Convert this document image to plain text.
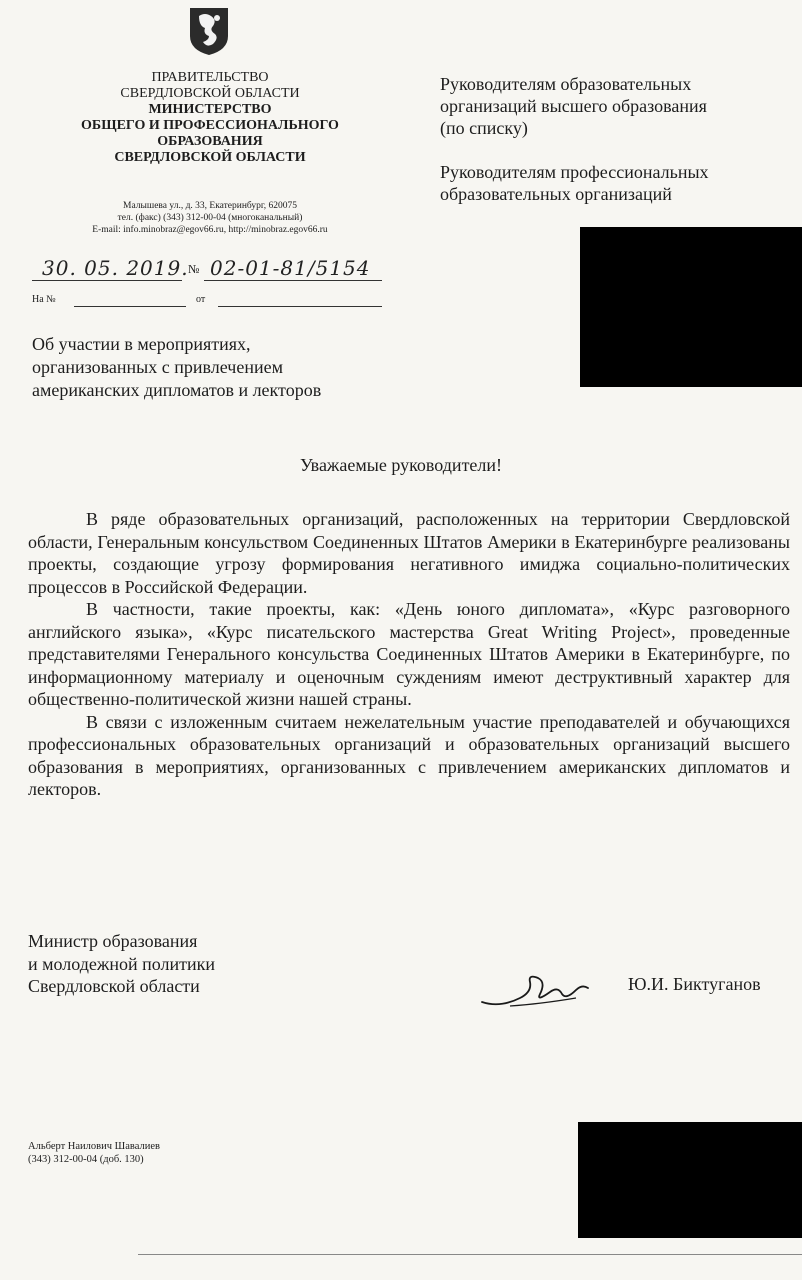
ПРАВИТЕЛЬСТВО
СВЕРДЛОВСКОЙ ОБЛАСТИ
МИНИСТЕРСТВО
ОБЩЕГО И ПРОФЕССИОНАЛЬНОГО
ОБРАЗОВАНИЯ
СВЕРДЛОВСКОЙ ОБЛАСТИ
Малышева ул., д. 33, Екатеринбург, 620075
тел. (факс) (343) 312-00-04 (многоканальный)
E-mail: info.minobraz@egov66.ru, http://minobraz.egov66.ru
30. 05. 2019. № 02-01-81/5154
На №	от
Об участии в мероприятиях,
организованных с привлечением
американских дипломатов и лекторов
Руководителям образовательных
организаций высшего образования
(по списку)
Руководителям профессиональных
образовательных организаций
Уважаемые руководители!

В ряде образовательных организаций, расположенных на территории Свердловской области, Генеральным консульством Соединенных Штатов Америки в Екатеринбурге реализованы проекты, создающие угрозу формирования негативного имиджа социально-политических процессов в Российской Федерации.

В частности, такие проекты, как: «День юного дипломата», «Курс разговорного английского языка», «Курс писательского мастерства Great Writing Project», проведенные представителями Генерального консульства Соединенных Штатов Америки в Екатеринбурге, по информационному материалу и оценочным суждениям имеют деструктивный характер для общественно-политической жизни нашей страны.

В связи с изложенным считаем нежелательным участие преподавателей и обучающихся профессиональных образовательных организаций и образовательных организаций высшего образования в мероприятиях, организованных с привлечением американских дипломатов и лекторов.

Министр образования
и молодежной политики
Свердловской области	Ю.И. Биктуганов
Альберт Наилович Шавалиев
(343) 312-00-04 (доб. 130)
